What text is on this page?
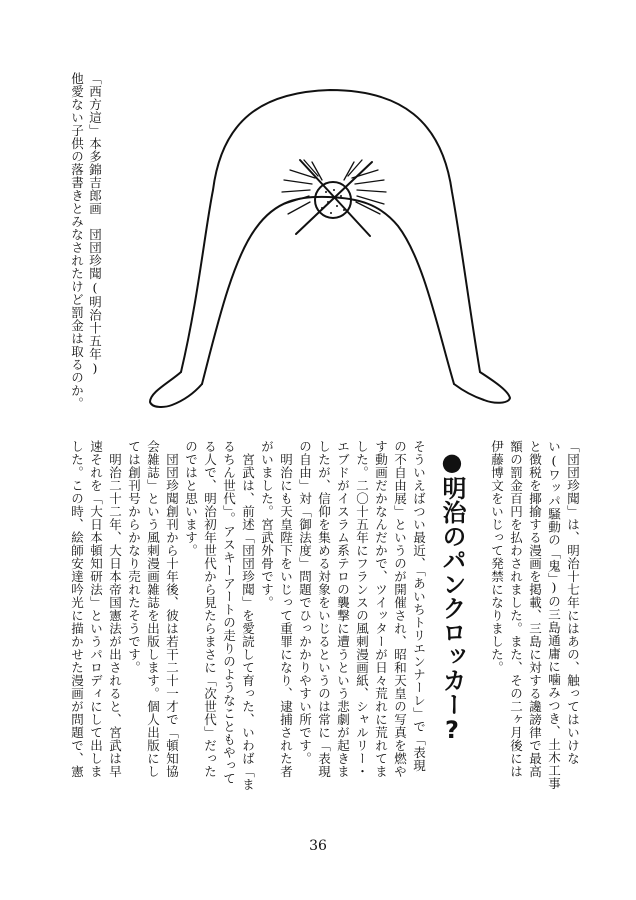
「西方這」本多錦吉郎画　団団珍聞(明治十五年)
他愛ない子供の落書きとみなされたけど罰金は取るのか。
「団団珍聞」は、明治十七年にはあの、触ってはいけな
い(ワッパ騒動の「鬼」)の三島通庸に噛みつき、土木工事
と徴税を揶揄する漫画を掲載、三島に対する讒謗律で最高
額の罰金百円を払わされました。また、その二ヶ月後には
伊藤博文をいじって発禁になりました。
●明治のパンクロッカー?
そういえばつい最近、「あいちトリエンナーレ」で「表現
の不自由展」というのが開催され、昭和天皇の写真を燃や
す動画だかなんだかで、ツイッターが日々荒れに荒れてま
した。二〇十五年にフランスの風刺漫画紙、シャルリー・
エブドがイスラム系テロの襲撃に遭うという悲劇が起きま
したが、信仰を集める対象をいじるというのは常に「表現
の自由」対「御法度」問題でひっかかりやすい所です。
明治にも天皇陛下をいじって重罪になり、逮捕された者
がいました。宮武外骨です。
宮武は、前述「団団珍聞」を愛読して育った、いわば「ま
るちん世代」。アスキーアートの走りのようなこともやって
る人で、明治初年世代から見たらまさに「次世代」だった
のではと思います。
団団珍聞創刊から十年後、彼は若干二十一才で「頓知協
会雑誌」という風刺漫画雑誌を出版します。個人出版にし
ては創刊号からかなり売れたそうです。
明治二十二年、大日本帝国憲法が出されると、宮武は早
速それを「大日本頓知研法」というパロディにして出しま
した。この時、絵師安達吟光に描かせた漫画が問題で、憲
36
